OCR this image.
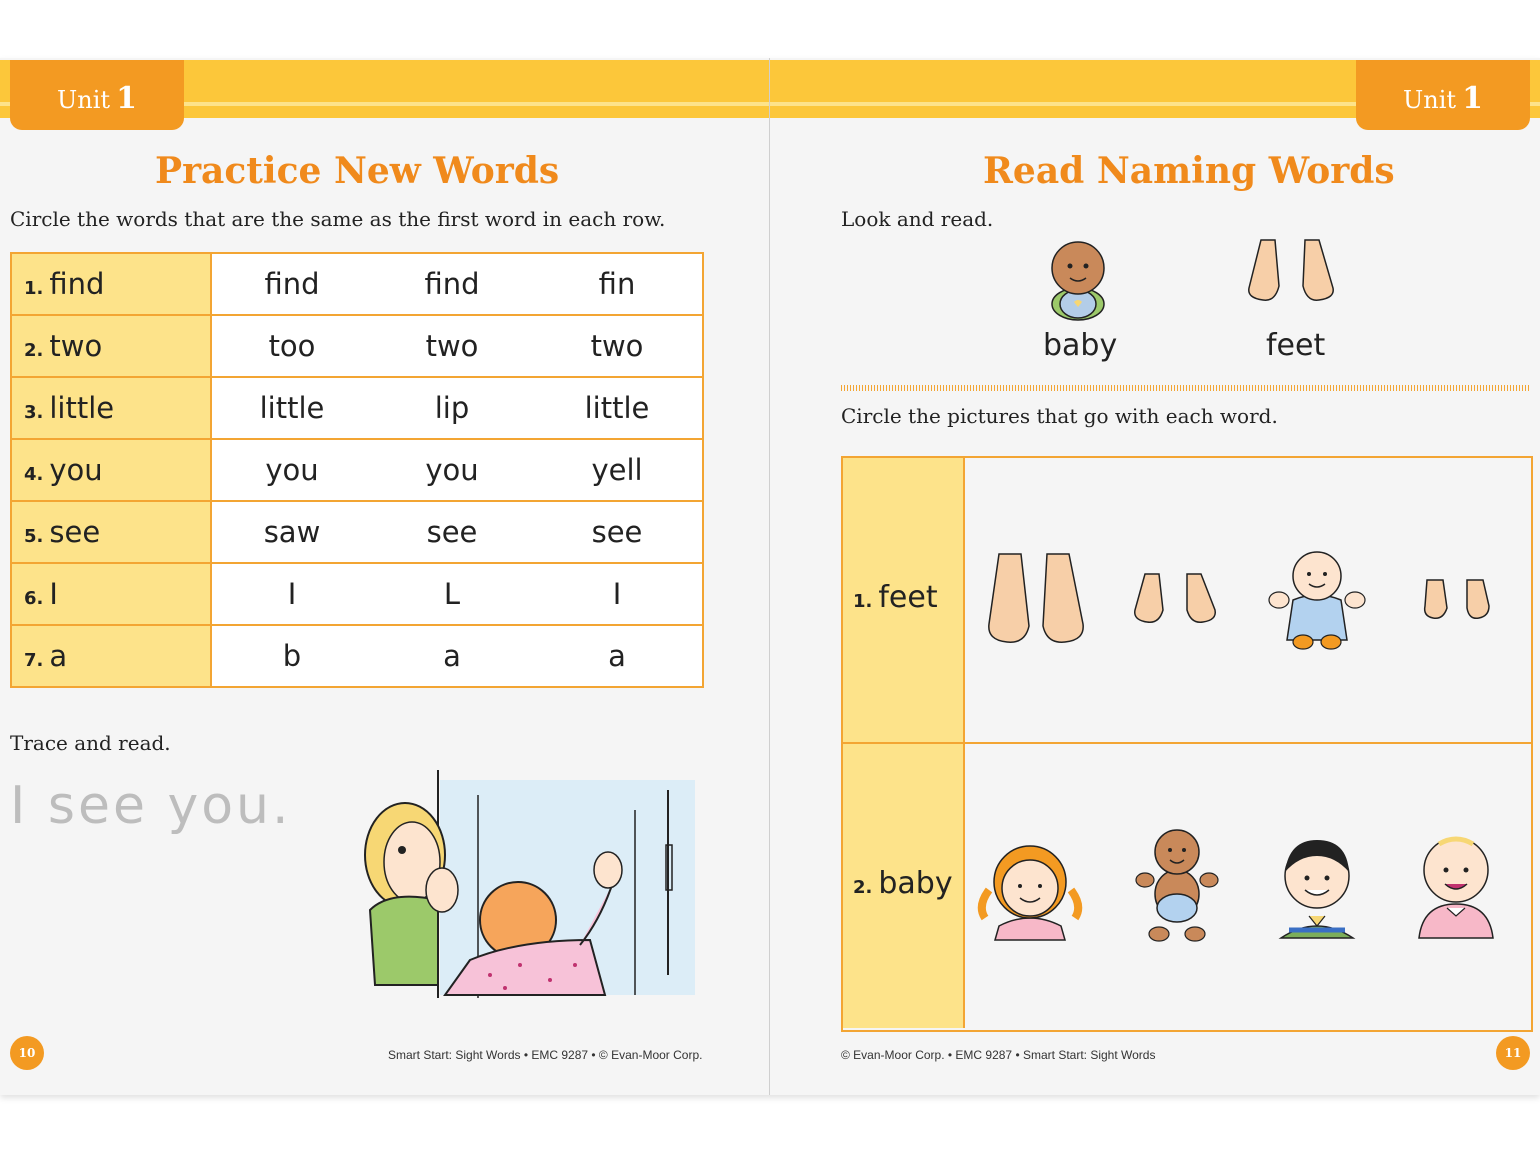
Unit 1
Practice New Words
Circle the words that are the same as the first word in each row.
1. find	find	find	fin
2. two	too	two	two
3. little	little	lip	little
4. you	you	you	yell
5. see	saw	see	see
6. I	I	L	I
7. a	b	a	a
Trace and read.
I see you.
10	Smart Start: Sight Words • EMC 9287 • © Evan-Moor Corp.
Unit 1
Read Naming Words
Look and read.
baby	feet
Circle the pictures that go with each word.
1. feet
2. baby
© Evan-Moor Corp. • EMC 9287 • Smart Start: Sight Words	11
